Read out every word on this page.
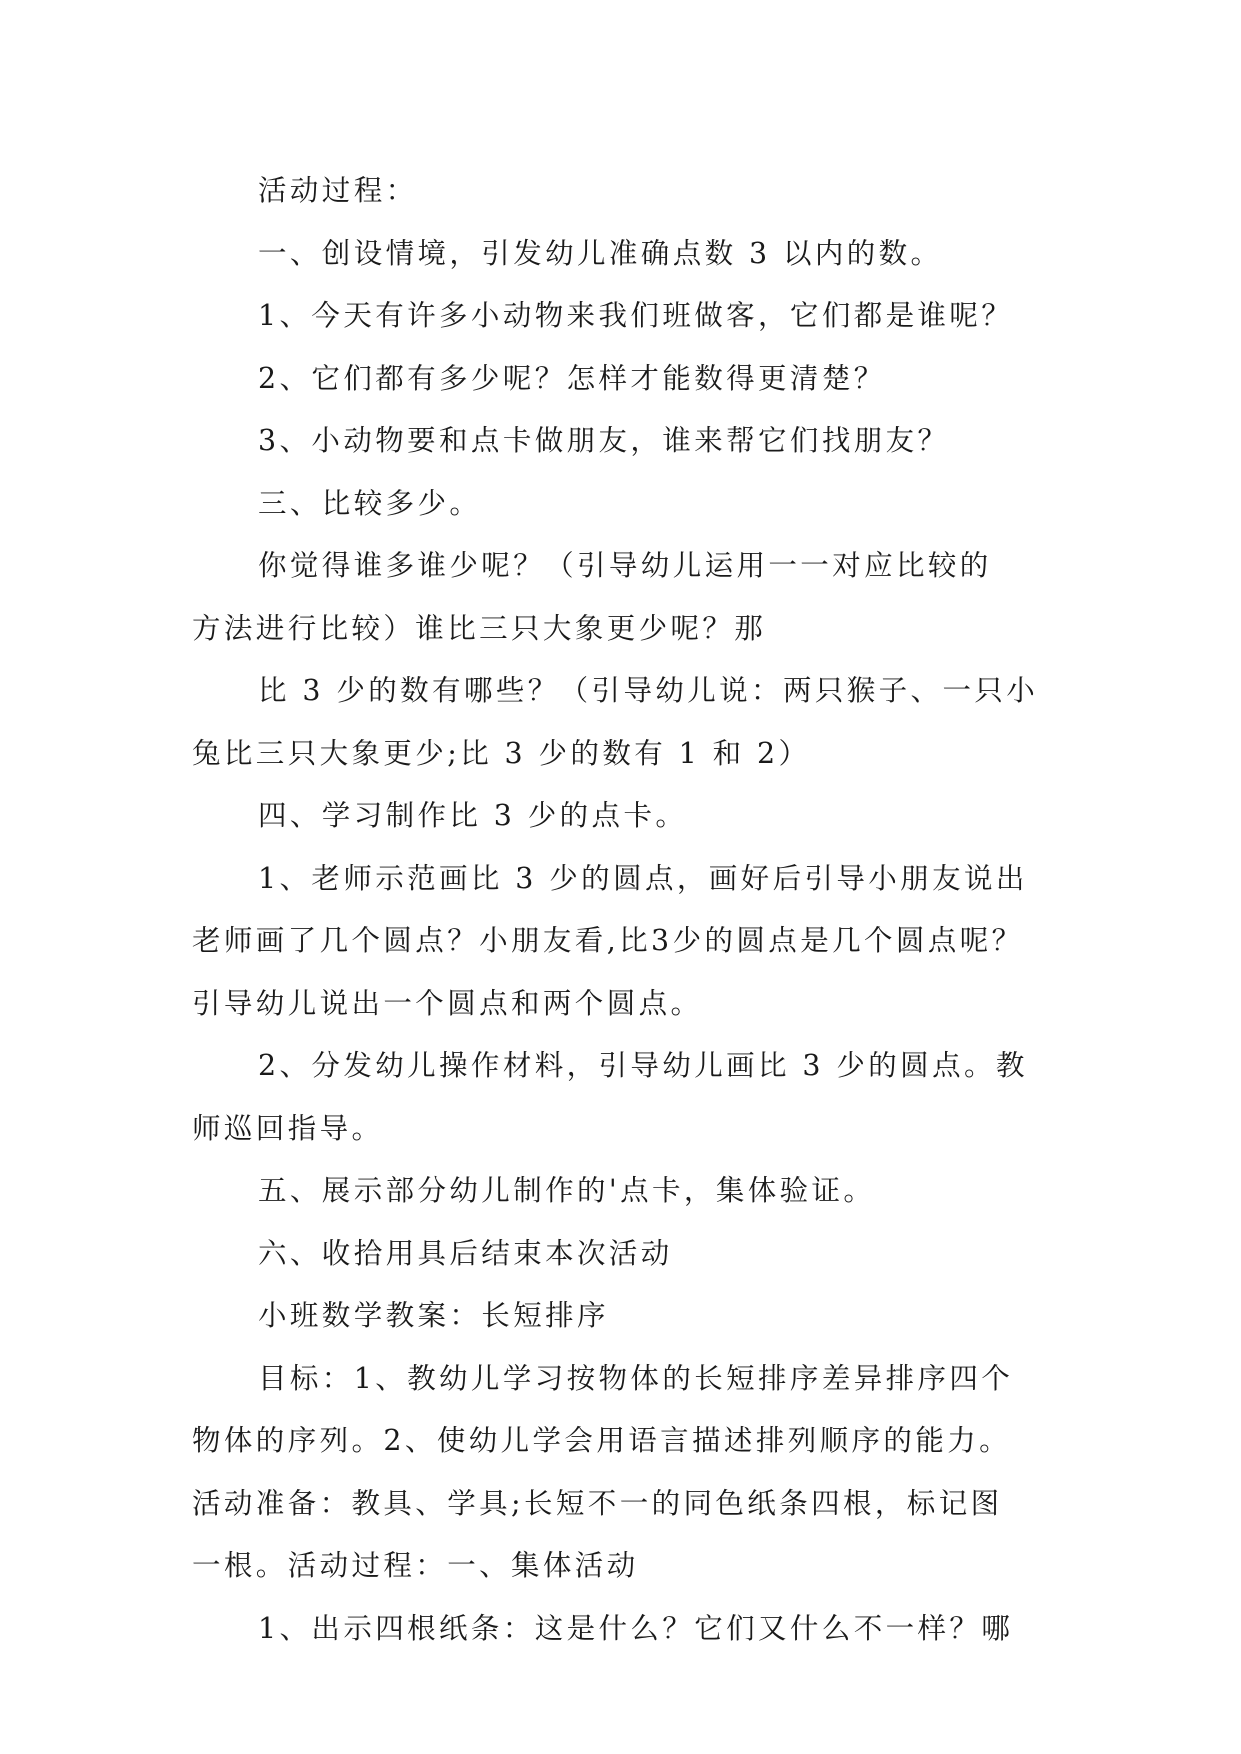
活动过程：
一、创设情境，引发幼儿准确点数 3 以内的数。
1、今天有许多小动物来我们班做客，它们都是谁呢？
2、它们都有多少呢？怎样才能数得更清楚？
3、小动物要和点卡做朋友，谁来帮它们找朋友？
三、比较多少。
你觉得谁多谁少呢？（引导幼儿运用一一对应比较的
方法进行比较）谁比三只大象更少呢？那
比 3 少的数有哪些？（引导幼儿说：两只猴子、一只小
兔比三只大象更少;比 3 少的数有 1 和 2）
四、学习制作比 3 少的点卡。
1、老师示范画比 3 少的圆点，画好后引导小朋友说出
老师画了几个圆点？小朋友看,比3少的圆点是几个圆点呢？
引导幼儿说出一个圆点和两个圆点。
2、分发幼儿操作材料，引导幼儿画比 3 少的圆点。教
师巡回指导。
五、展示部分幼儿制作的'点卡，集体验证。
六、收拾用具后结束本次活动
小班数学教案：长短排序
目标：1、教幼儿学习按物体的长短排序差异排序四个
物体的序列。2、使幼儿学会用语言描述排列顺序的能力。
活动准备：教具、学具;长短不一的同色纸条四根，标记图
一根。活动过程：一、集体活动
1、出示四根纸条：这是什么？它们又什么不一样？哪
